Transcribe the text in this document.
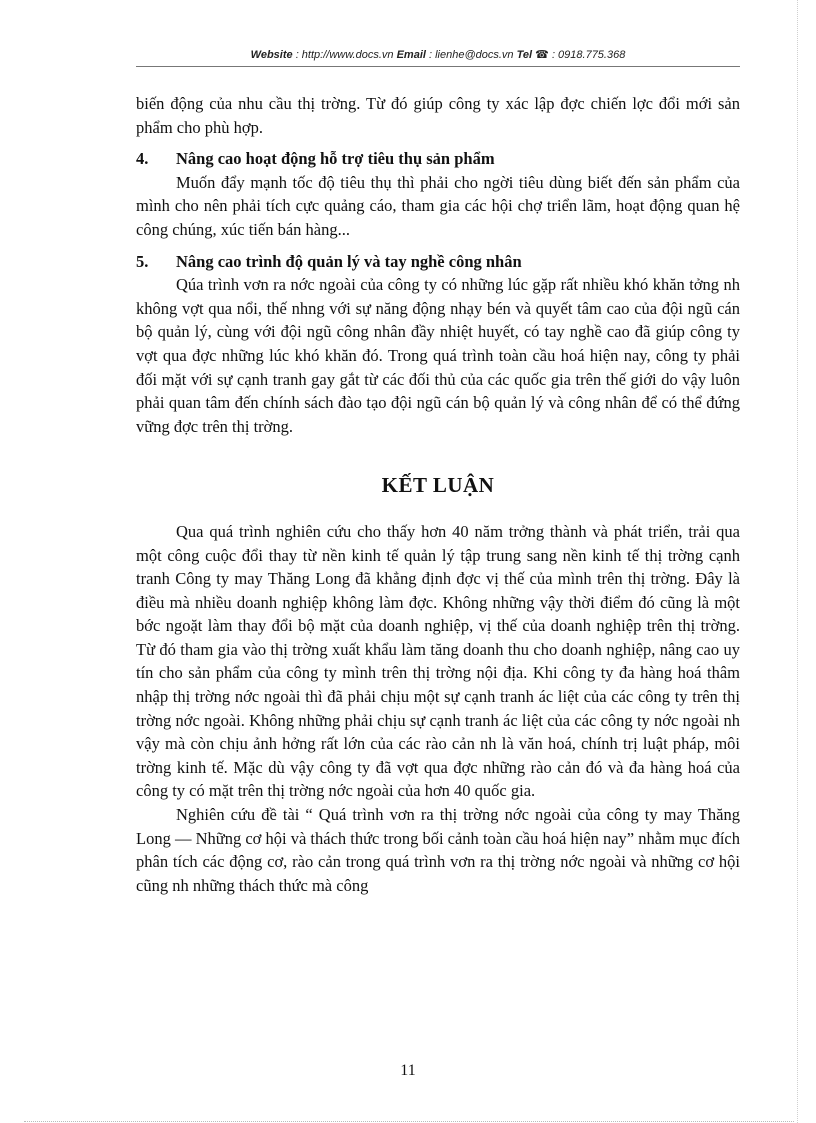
Website : http://www.docs.vn Email : lienhe@docs.vn Tel ☎ : 0918.775.368

biến động của nhu cầu thị trờng. Từ đó giúp công ty xác lập đợc chiến lợc đổi mới sản phẩm cho phù hợp.

4.	Nâng cao hoạt động hỗ trợ tiêu thụ sản phẩm

Muốn đẩy mạnh tốc độ tiêu thụ thì phải cho ngời tiêu dùng biết đến sản phẩm của mình cho nên phải tích cực quảng cáo, tham gia các hội chợ triển lãm, hoạt động quan hệ công chúng, xúc tiến bán hàng...

5.	Nâng cao trình độ quản lý và tay nghề công nhân

Qúa trình vơn ra nớc ngoài của công ty có những lúc gặp rất nhiều khó khăn tởng nh không vợt qua nổi, thế nhng với sự năng động nhạy bén và quyết tâm cao của đội ngũ cán bộ quản lý, cùng với đội ngũ công nhân đầy nhiệt huyết, có tay nghề cao đã giúp công ty vợt qua đợc những lúc khó khăn đó. Trong quá trình toàn cầu hoá hiện nay, công ty phải đối mặt với sự cạnh tranh gay gắt từ các đối thủ của các quốc gia trên thế giới do vậy luôn phải quan tâm đến chính sách đào tạo đội ngũ cán bộ quản lý và công nhân để có thể đứng vững đợc trên thị trờng.

KẾT LUẬN

Qua quá trình nghiên cứu cho thấy hơn 40 năm trởng thành và phát triển, trải qua một công cuộc đổi thay từ nền kinh tế quản lý tập trung sang nền kinh tế thị trờng cạnh tranh Công ty may Thăng Long đã khẳng định đợc vị thế của mình trên thị trờng. Đây là điều mà nhiều doanh nghiệp không làm đợc. Không những vậy thời điểm đó cũng là một bớc ngoặt làm thay đổi bộ mặt của doanh nghiệp, vị thế của doanh nghiệp trên thị trờng. Từ đó tham gia vào thị trờng xuất khẩu làm tăng doanh thu cho doanh nghiệp, nâng cao uy tín cho sản phẩm của công ty mình trên thị trờng nội địa. Khi công ty đa hàng hoá thâm nhập thị trờng nớc ngoài thì đã phải chịu một sự cạnh tranh ác liệt của các công ty trên thị trờng nớc ngoài. Không những phải chịu sự cạnh tranh ác liệt của các công ty nớc ngoài nh vậy mà còn chịu ảnh hởng rất lớn của các rào cản nh là văn hoá, chính trị luật pháp, môi trờng kinh tế. Mặc dù vậy công ty đã vợt qua đợc những rào cản đó và đa hàng hoá của công ty có mặt trên thị trờng nớc ngoài của hơn 40 quốc gia.

Nghiên cứu đề tài “ Quá trình vơn ra thị trờng nớc ngoài của công ty may Thăng Long — Những cơ hội và thách thức trong bối cảnh toàn cầu hoá hiện nay” nhằm mục đích phân tích các động cơ, rào cản trong quá trình vơn ra thị trờng nớc ngoài và những cơ hội cũng nh những thách thức mà công

11
